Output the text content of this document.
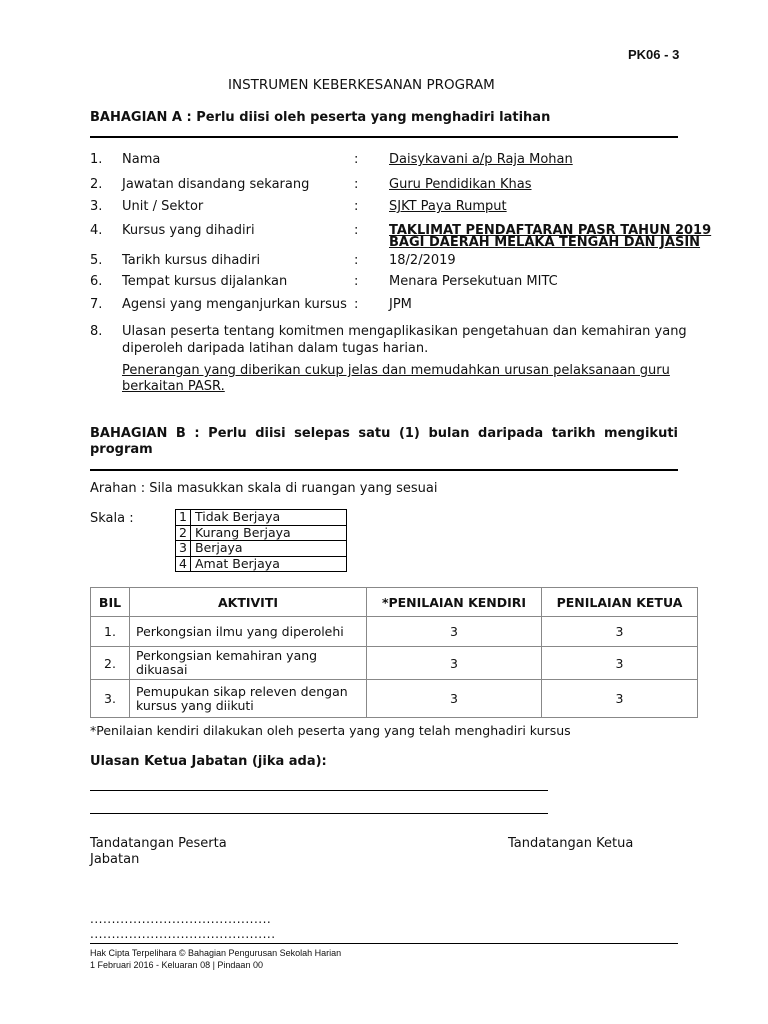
PK06 - 3
INSTRUMEN KEBERKESANAN PROGRAM
BAHAGIAN A : Perlu diisi oleh peserta yang menghadiri latihan
1. Nama	: Daisykavani a/p Raja Mohan
2. Jawatan disandang sekarang	: Guru Pendidikan Khas
3. Unit / Sektor	: SJKT Paya Rumput
4. Kursus yang dihadiri	: TAKLIMAT PENDAFTARAN PASR TAHUN 2019
BAGI DAERAH MELAKA TENGAH DAN JASIN
5. Tarikh kursus dihadiri	: 18/2/2019
6. Tempat kursus dijalankan	: Menara Persekutuan MITC
7. Agensi yang menganjurkan kursus : JPM
8. Ulasan peserta tentang komitmen mengaplikasikan pengetahuan dan kemahiran yang
diperoleh daripada latihan dalam tugas harian.
Penerangan yang diberikan cukup jelas dan memudahkan urusan pelaksanaan guru
berkaitan PASR.
BAHAGIAN B : Perlu diisi selepas satu (1) bulan daripada tarikh mengikuti
program
Arahan : Sila masukkan skala di ruangan yang sesuai
Skala :	1	Tidak Berjaya
2	Kurang Berjaya
3	Berjaya
4	Amat Berjaya
BIL	AKTIVITI	*PENILAIAN KENDIRI	PENILAIAN KETUA
1.	Perkongsian ilmu yang diperolehi	3	3
2.	Perkongsian kemahiran yang
dikuasai	3	3
3.	Pemupukan sikap releven dengan
kursus yang diikuti	3	3
*Penilaian kendiri dilakukan oleh peserta yang yang telah menghadiri kursus
Ulasan Ketua Jabatan (jika ada):
Tandatangan Peserta	Tandatangan Ketua
Jabatan
..........................................
...........................................
Hak Cipta Terpelihara © Bahagian Pengurusan Sekolah Harian
1 Februari 2016 - Keluaran 08 | Pindaan 00
